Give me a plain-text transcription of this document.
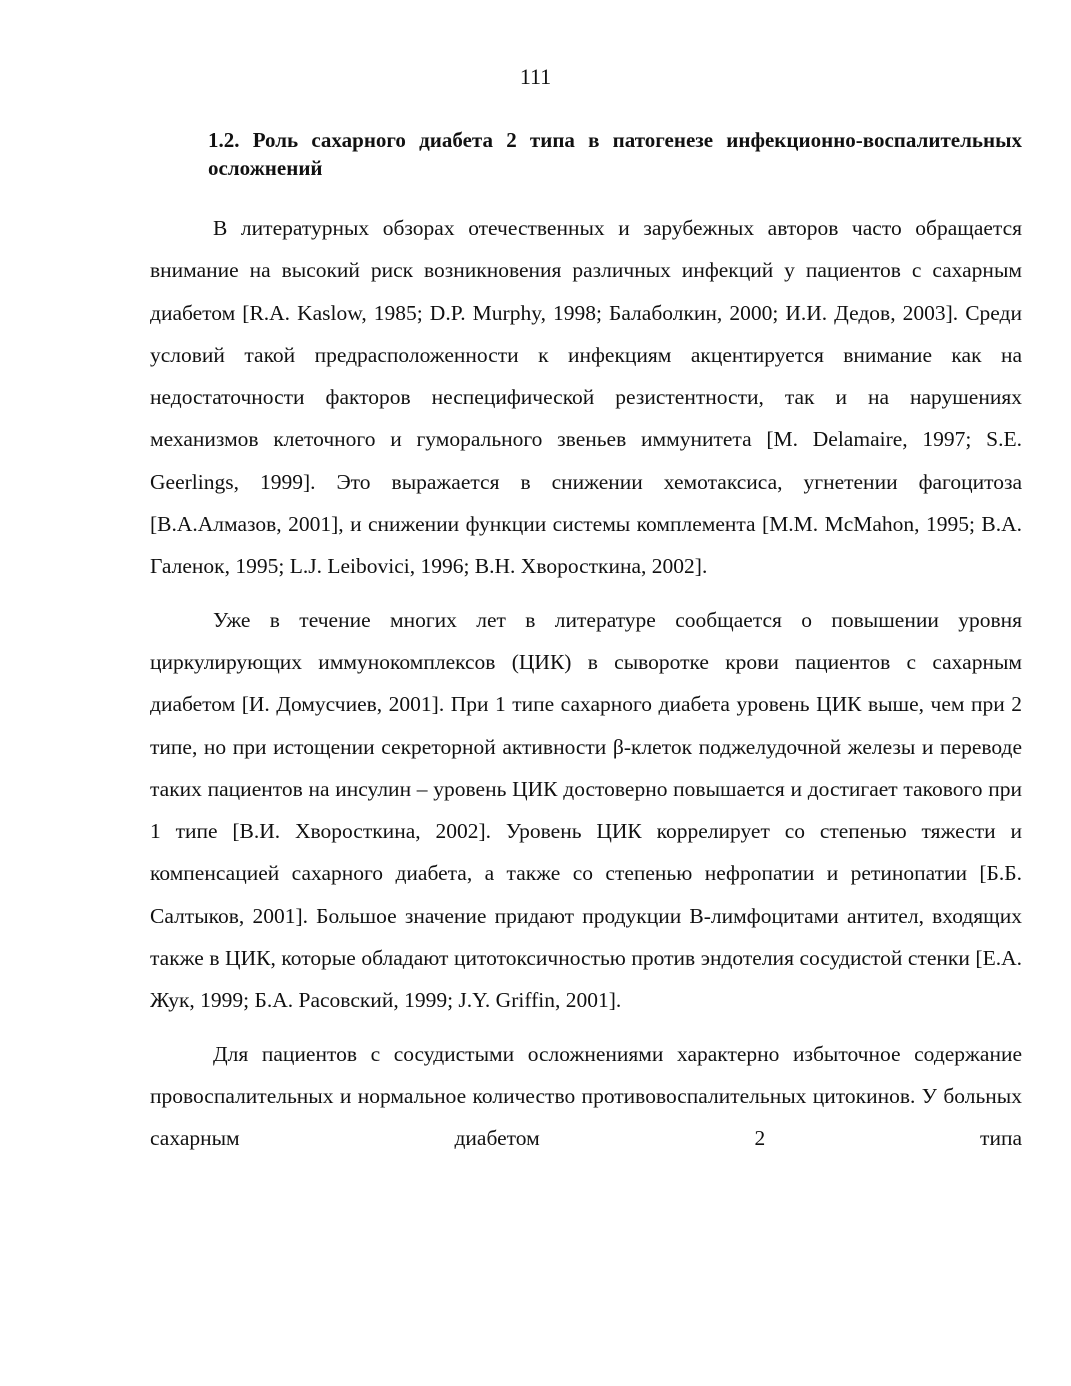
111
1.2. Роль сахарного диабета 2 типа в патогенезе инфекционно-воспалительных осложнений

В литературных обзорах отечественных и зарубежных авторов часто обращается внимание на высокий риск возникновения различных инфекций у пациентов с сахарным диабетом [R.A. Kaslow, 1985; D.P. Murphy, 1998; Балаболкин, 2000; И.И. Дедов, 2003]. Среди условий такой предрасположенности к инфекциям акцентируется внимание как на недостаточности факторов неспецифической резистентности, так и на нарушениях механизмов клеточного и гуморального звеньев иммунитета [M. Delamaire, 1997; S.E. Geerlings, 1999]. Это выражается в снижении хемотаксиса, угнетении фагоцитоза [В.А.Алмазов, 2001], и снижении функции системы комплемента [M.M. McMahon, 1995; В.А. Галенок, 1995; L.J. Leibovici, 1996; В.Н. Хворосткина, 2002].

Уже в течение многих лет в литературе сообщается о повышении уровня циркулирующих иммунокомплексов (ЦИК) в сыворотке крови пациентов с сахарным диабетом [И. Домусчиев, 2001]. При 1 типе сахарного диабета уровень ЦИК выше, чем при 2 типе, но при истощении секреторной активности β-клеток поджелудочной железы и переводе таких пациентов на инсулин – уровень ЦИК достоверно повышается и достигает такового при 1 типе [В.И. Хворосткина, 2002]. Уровень ЦИК коррелирует со степенью тяжести и компенсацией сахарного диабета, а также со степенью нефропатии и ретинопатии [Б.Б. Салтыков, 2001]. Большое значение придают продукции В-лимфоцитами антител, входящих также в ЦИК, которые обладают цитотоксичностью против эндотелия сосудистой стенки [Е.А. Жук, 1999; Б.А. Расовский, 1999; J.Y. Griffin, 2001].

Для пациентов с сосудистыми осложнениями характерно избыточное содержание провоспалительных и нормальное количество противовоспалительных цитокинов. У больных сахарным диабетом 2 типа
